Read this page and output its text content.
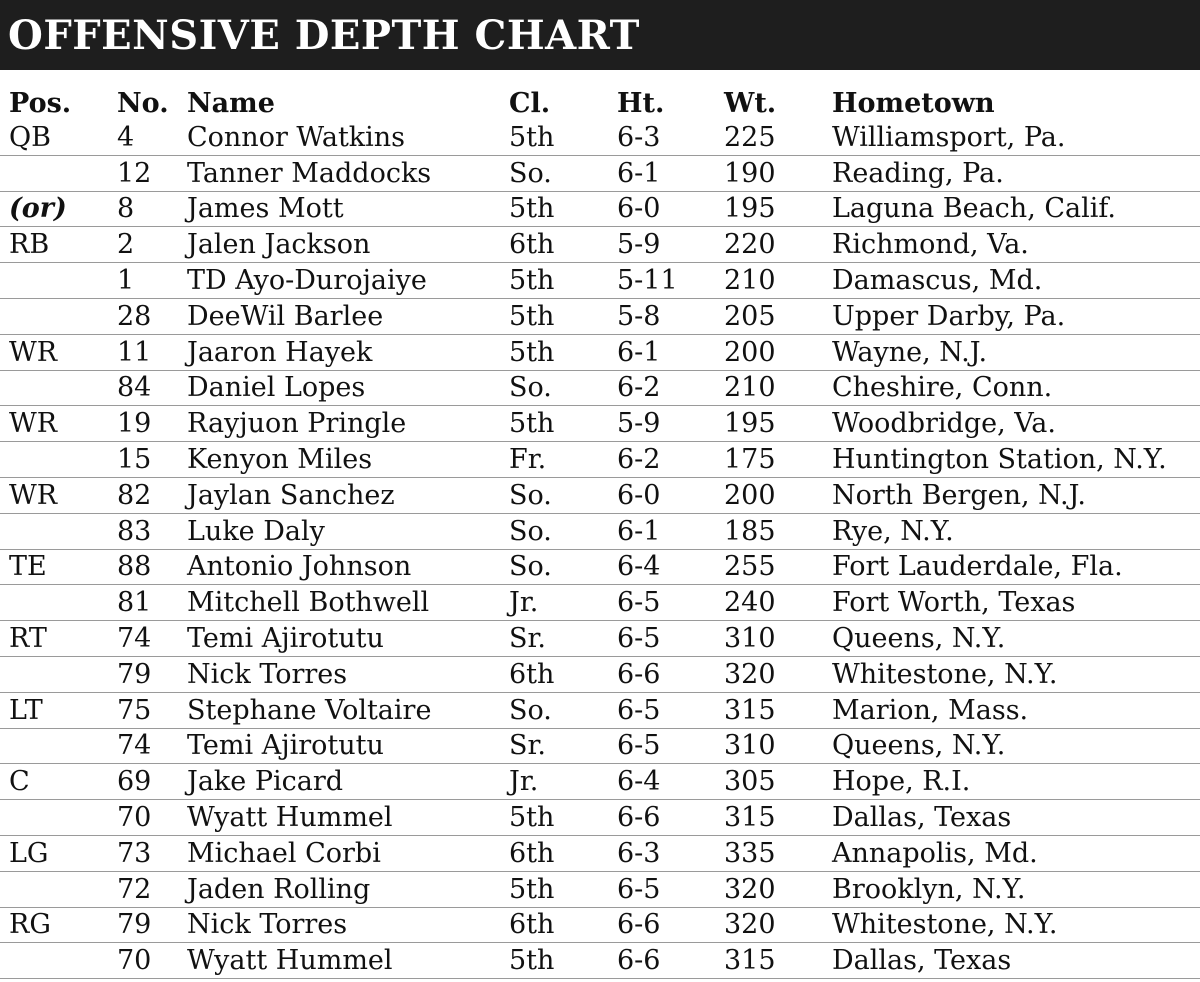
OFFENSIVE DEPTH CHART
Pos.	No.	Name	Cl.	Ht.	Wt.	Hometown
QB	4	Connor Watkins	5th	6-3	225	Williamsport, Pa.
	12	Tanner Maddocks	So.	6-1	190	Reading, Pa.
(or)	8	James Mott	5th	6-0	195	Laguna Beach, Calif.
RB	2	Jalen Jackson	6th	5-9	220	Richmond, Va.
	1	TD Ayo-Durojaiye	5th	5-11	210	Damascus, Md.
	28	DeeWil Barlee	5th	5-8	205	Upper Darby, Pa.
WR	11	Jaaron Hayek	5th	6-1	200	Wayne, N.J.
	84	Daniel Lopes	So.	6-2	210	Cheshire, Conn.
WR	19	Rayjuon Pringle	5th	5-9	195	Woodbridge, Va.
	15	Kenyon Miles	Fr.	6-2	175	Huntington Station, N.Y.
WR	82	Jaylan Sanchez	So.	6-0	200	North Bergen, N.J.
	83	Luke Daly	So.	6-1	185	Rye, N.Y.
TE	88	Antonio Johnson	So.	6-4	255	Fort Lauderdale, Fla.
	81	Mitchell Bothwell	Jr.	6-5	240	Fort Worth, Texas
RT	74	Temi Ajirotutu	Sr.	6-5	310	Queens, N.Y.
	79	Nick Torres	6th	6-6	320	Whitestone, N.Y.
LT	75	Stephane Voltaire	So.	6-5	315	Marion, Mass.
	74	Temi Ajirotutu	Sr.	6-5	310	Queens, N.Y.
C	69	Jake Picard	Jr.	6-4	305	Hope, R.I.
	70	Wyatt Hummel	5th	6-6	315	Dallas, Texas
LG	73	Michael Corbi	6th	6-3	335	Annapolis, Md.
	72	Jaden Rolling	5th	6-5	320	Brooklyn, N.Y.
RG	79	Nick Torres	6th	6-6	320	Whitestone, N.Y.
	70	Wyatt Hummel	5th	6-6	315	Dallas, Texas
